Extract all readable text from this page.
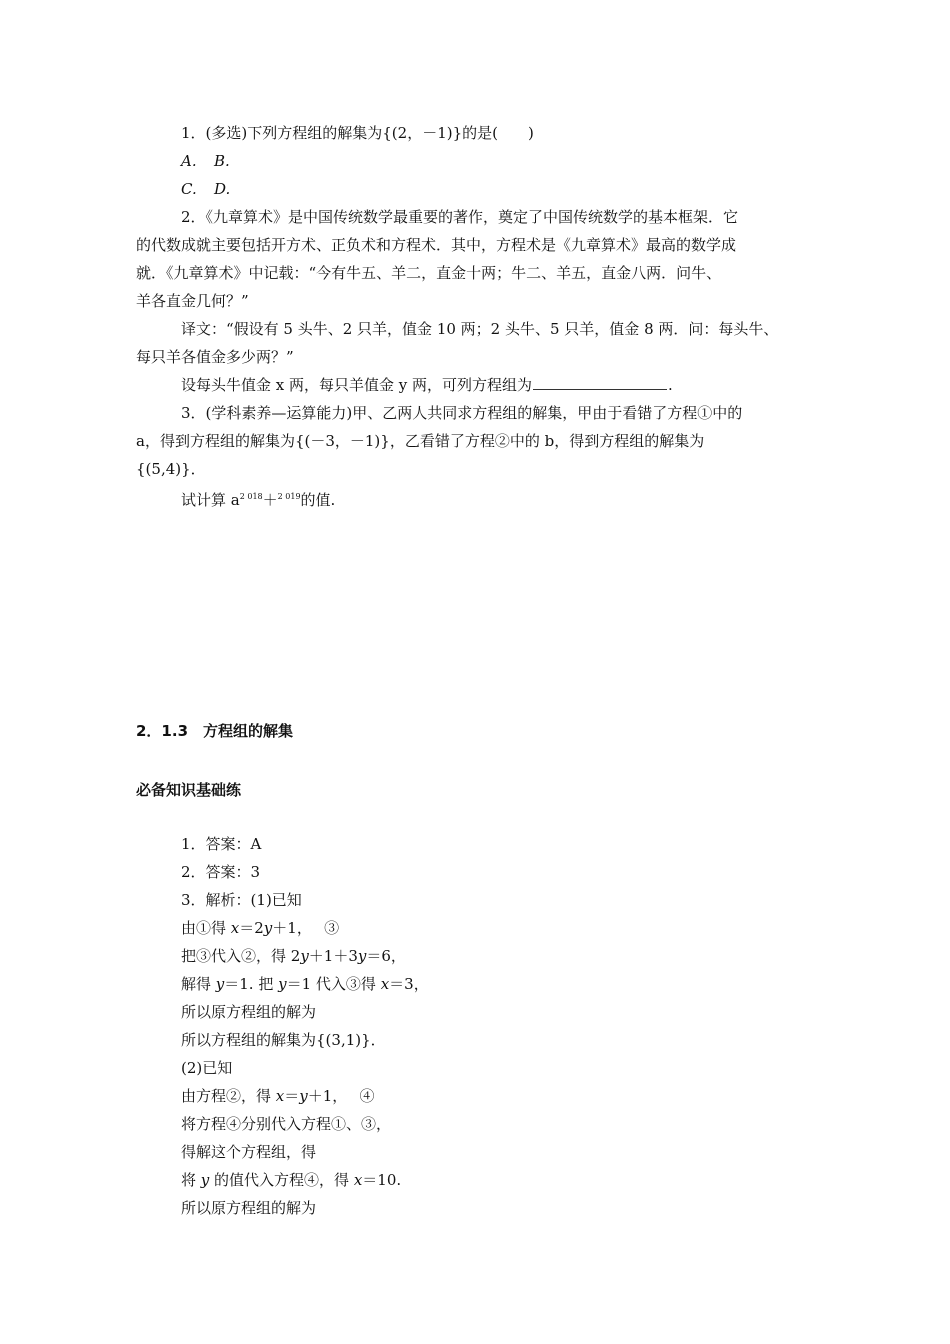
1．(多选)下列方程组的解集为{(2，－1)}的是(　　)
A. B.
C. D.
2．《九章算术》是中国传统数学最重要的著作，奠定了中国传统数学的基本框架．它
的代数成就主要包括开方术、正负术和方程术．其中，方程术是《九章算术》最高的数学成
就．《九章算术》中记载：“今有牛五、羊二，直金十两；牛二、羊五，直金八两．问牛、
羊各直金几何？”
译文：“假设有 5 头牛、2 只羊，值金 10 两；2 头牛、5 只羊，值金 8 两．问：每头牛、
每只羊各值金多少两？”
设每头牛值金 x 两，每只羊值金 y 两，可列方程组为	.
3．(学科素养—运算能力)甲、乙两人共同求方程组的解集，甲由于看错了方程①中的
a，得到方程组的解集为{(－3，－1)}，乙看错了方程②中的 b，得到方程组的解集为
{(5,4)}．
试计算 $a^{2 018}+^{2 019}$的值.
2．1.3　方程组的解集
必备知识基础练
1．答案：A
2．答案：3
3．解析：(1)已知
由①得 x＝2y＋1，　 ③
把③代入②，得 2y＋1＋3y＝6，
解得 y＝1. 把 y＝1 代入③得 x＝3，
所以原方程组的解为
所以方程组的解集为{(3,1)}．
(2)已知
由方程②，得 x＝y＋1，　 ④
将方程④分别代入方程①、③，
得解这个方程组，得
将 y 的值代入方程④，得 x＝10.
所以原方程组的解为
